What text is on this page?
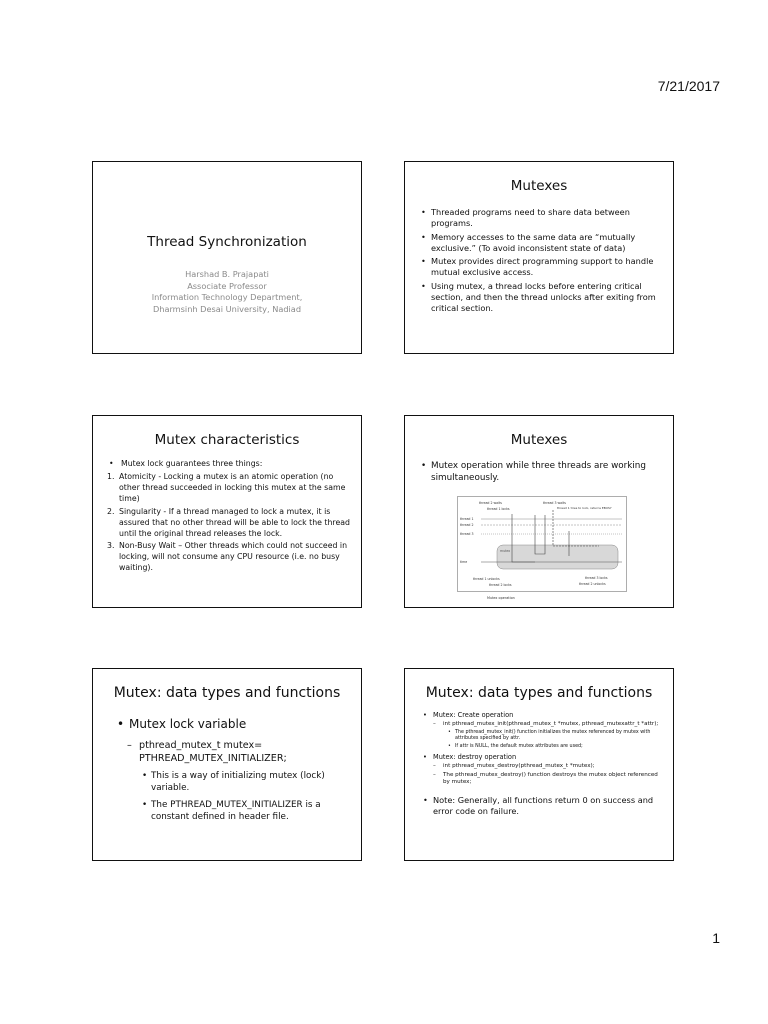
7/21/2017
Thread Synchronization
Harshad B. Prajapati
Associate Professor
Information Technology Department,
Dharmsinh Desai University, Nadiad
Mutexes
• Threaded programs need to share data between programs.
• Memory accesses to the same data are “mutually exclusive.” (To avoid inconsistent state of data)
• Mutex provides direct programming support to handle mutual exclusive access.
• Using mutex, a thread locks before entering critical section, and then the thread unlocks after exiting from critical section.
Mutex characteristics
• Mutex lock guarantees three things:
1. Atomicity - Locking a mutex is an atomic operation (no other thread succeeded in locking this mutex at the same time)
2. Singularity - If a thread managed to lock a mutex, it is assured that no other thread will be able to lock the thread until the original thread releases the lock.
3. Non-Busy Wait – Other threads which could not succeed in locking, will not consume any CPU resource (i.e. no busy waiting).
Mutexes
• Mutex operation while three threads are working simultaneously.
thread 2 waits
thread 1 locks
thread 3 waits
thread 1 tries to lock, returns EBUSY
thread 1
thread 2
thread 3
mutex
time
thread 1 unlocks
thread 2 locks
thread 3 locks
thread 2 unlocks
Mutex operation
Mutex: data types and functions
• Mutex lock variable
– pthread_mutex_t mutex= PTHREAD_MUTEX_INITIALIZER;
• This is a way of initializing mutex (lock) variable.
• The PTHREAD_MUTEX_INITIALIZER is a constant defined in header file.
Mutex: data types and functions
• Mutex: Create operation
– int pthread_mutex_init(pthread_mutex_t *mutex, pthread_mutexattr_t *attr);
• The pthread_mutex_init() function initializes the mutex referenced by mutex with attributes specified by attr.
• If attr is NULL, the default mutex attributes are used;
• Mutex: destroy operation
– int pthread_mutex_destroy(pthread_mutex_t *mutex);
– The pthread_mutex_destroy() function destroys the mutex object referenced by mutex;
• Note: Generally, all functions return 0 on success and error code on failure.
1
